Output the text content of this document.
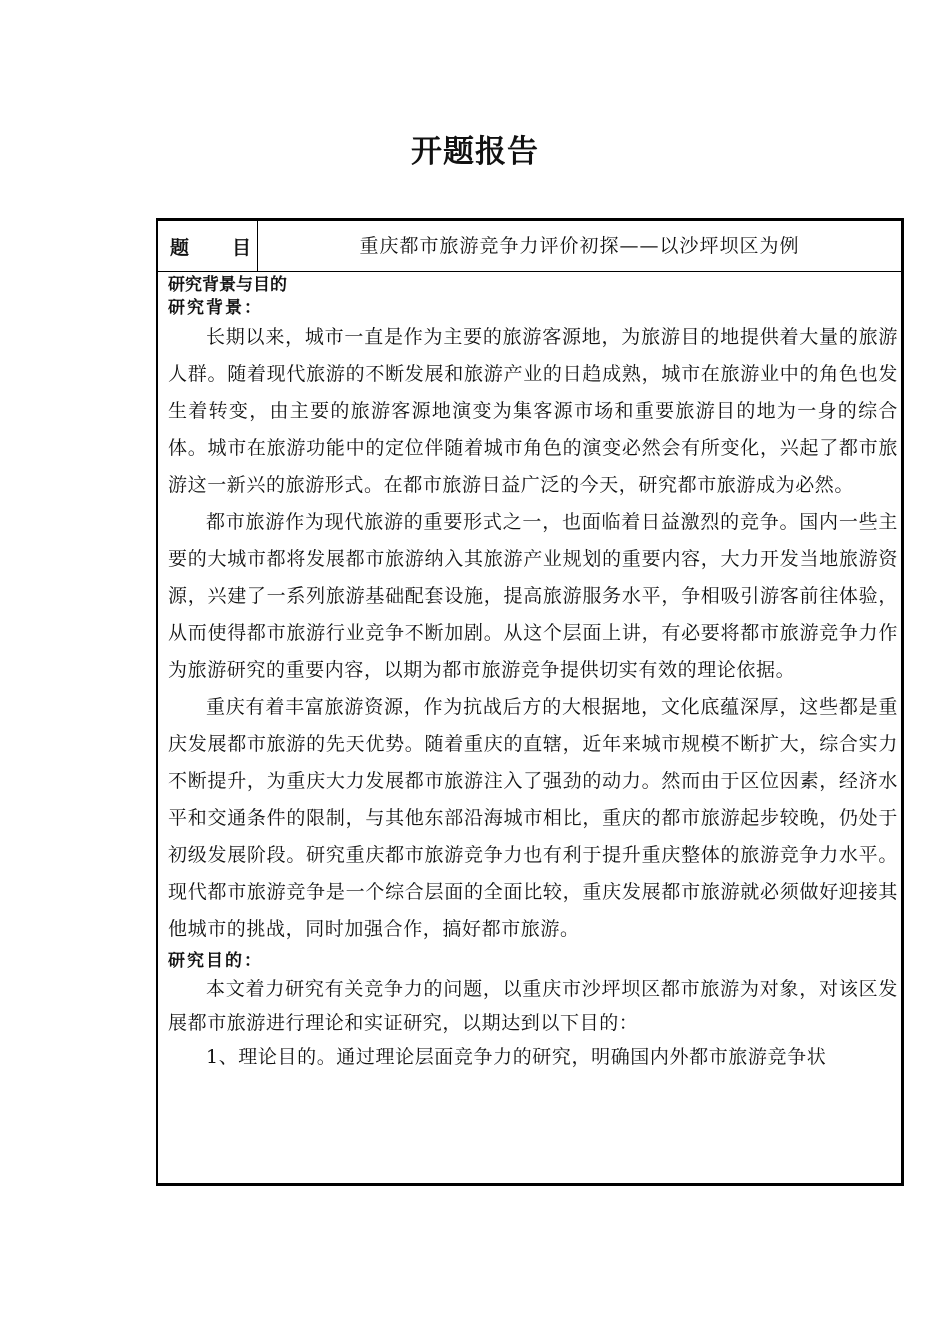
开题报告
题 目	重庆都市旅游竞争力评价初探——以沙坪坝区为例

研究背景与目的

研究背景：

长期以来，城市一直是作为主要的旅游客源地，为旅游目的地提供着大量的旅游人群。随着现代旅游的不断发展和旅游产业的日趋成熟，城市在旅游业中的角色也发生着转变，由主要的旅游客源地演变为集客源市场和重要旅游目的地为一身的综合体。城市在旅游功能中的定位伴随着城市角色的演变必然会有所变化，兴起了都市旅游这一新兴的旅游形式。在都市旅游日益广泛的今天，研究都市旅游成为必然。

都市旅游作为现代旅游的重要形式之一，也面临着日益激烈的竞争。国内一些主要的大城市都将发展都市旅游纳入其旅游产业规划的重要内容，大力开发当地旅游资源，兴建了一系列旅游基础配套设施，提高旅游服务水平，争相吸引游客前往体验，从而使得都市旅游行业竞争不断加剧。从这个层面上讲，有必要将都市旅游竞争力作为旅游研究的重要内容，以期为都市旅游竞争提供切实有效的理论依据。

重庆有着丰富旅游资源，作为抗战后方的大根据地，文化底蕴深厚，这些都是重庆发展都市旅游的先天优势。随着重庆的直辖，近年来城市规模不断扩大，综合实力不断提升，为重庆大力发展都市旅游注入了强劲的动力。然而由于区位因素，经济水平和交通条件的限制，与其他东部沿海城市相比，重庆的都市旅游起步较晚，仍处于初级发展阶段。研究重庆都市旅游竞争力也有利于提升重庆整体的旅游竞争力水平。现代都市旅游竞争是一个综合层面的全面比较，重庆发展都市旅游就必须做好迎接其他城市的挑战，同时加强合作，搞好都市旅游。

研究目的：

本文着力研究有关竞争力的问题，以重庆市沙坪坝区都市旅游为对象，对该区发展都市旅游进行理论和实证研究，以期达到以下目的：

1、理论目的。通过理论层面竞争力的研究，明确国内外都市旅游竞争状
